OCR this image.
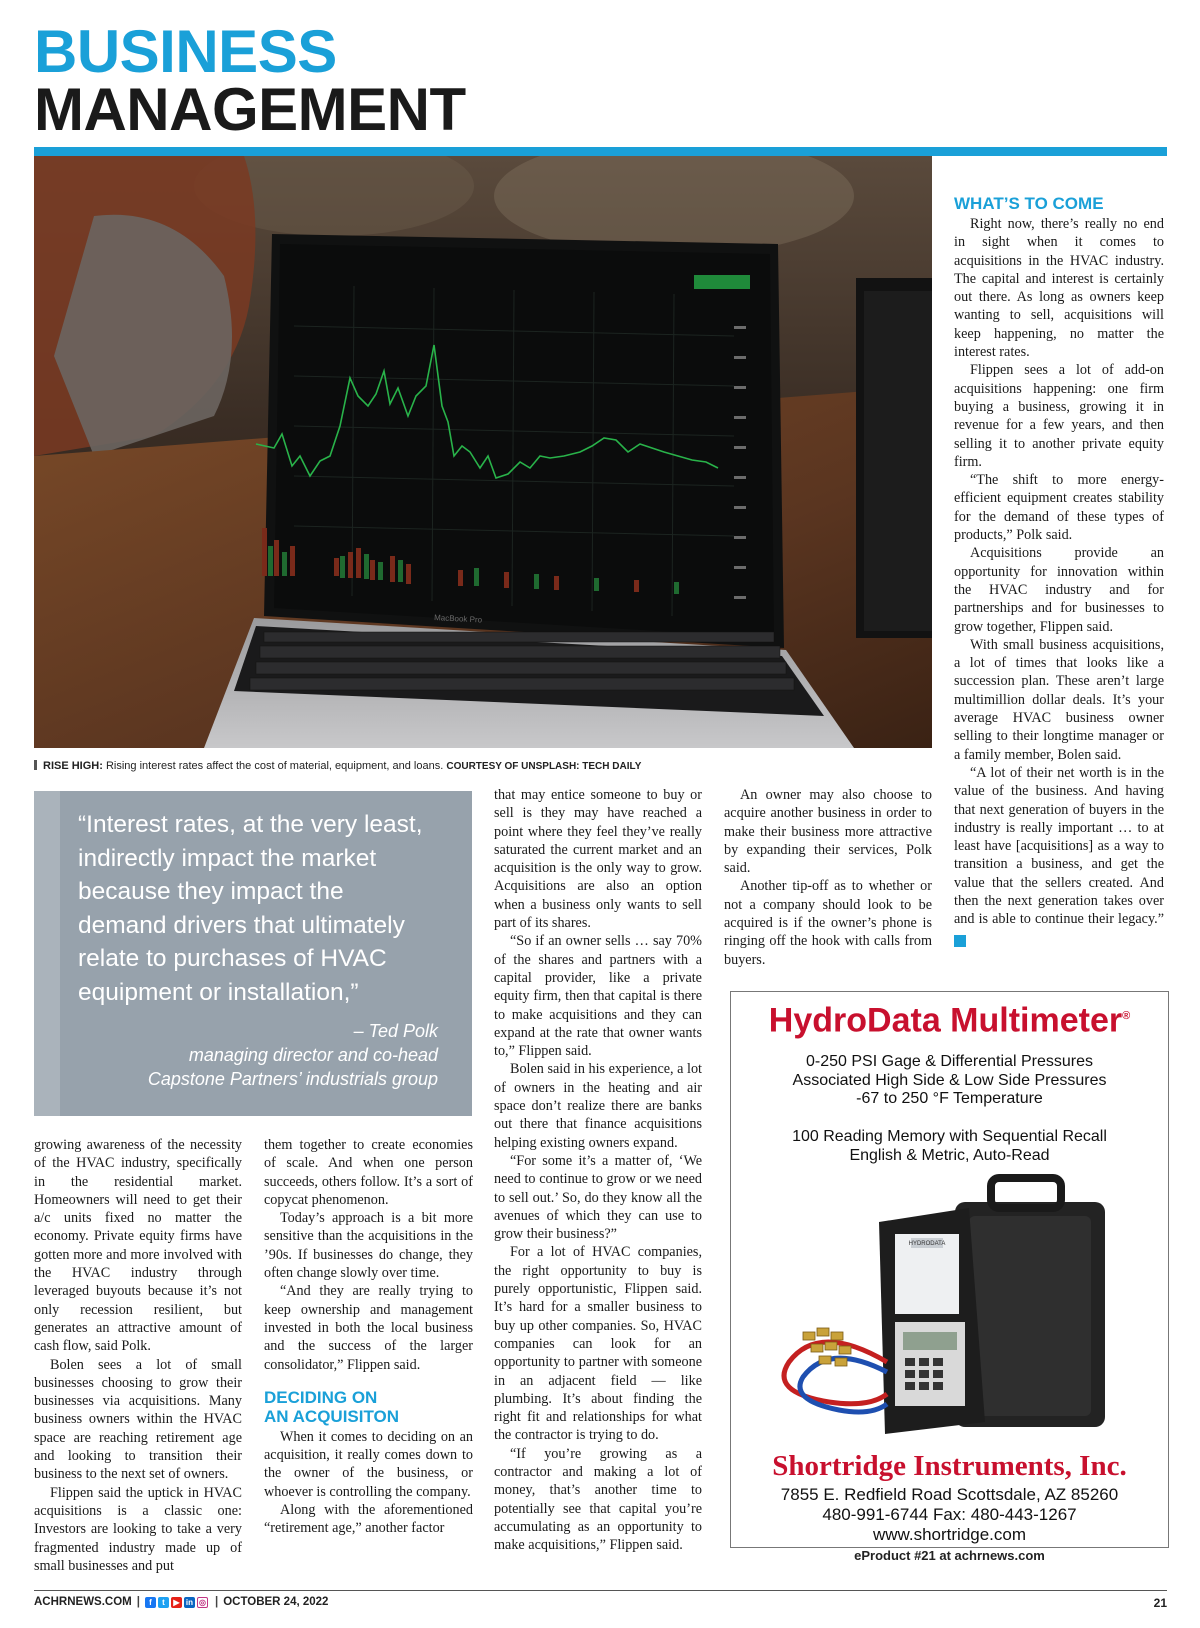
BUSINESS
MANAGEMENT
MacBook Pro
RISE HIGH: Rising interest rates affect the cost of material, equipment, and loans. COURTESY OF UNSPLASH: TECH DAILY
“Interest rates, at the very least,
indirectly impact the market
because they impact the
demand drivers that ultimately
relate to purchases of HVAC
equipment or installation,”
– Ted Polk
managing director and co-head
Capstone Partners’ industrials group

growing awareness of the necessity of the HVAC industry, specifically in the residential market. Homeowners will need to get their a/c units fixed no matter the economy. Private equity firms have gotten more and more involved with the HVAC industry through leveraged buyouts because it’s not only recession resilient, but generates an attractive amount of cash flow, said Polk.

Bolen sees a lot of small businesses choosing to grow their businesses via acquisitions. Many business owners within the HVAC space are reaching retirement age and looking to transition their business to the next set of owners.

Flippen said the uptick in HVAC acquisitions is a classic one: Investors are looking to take a very fragmented industry made up of small businesses and put

them together to create economies of scale. And when one person succeeds, others follow. It’s a sort of copycat phenomenon.

Today’s approach is a bit more sensitive than the acquisitions in the ’90s. If businesses do change, they often change slowly over time.

“And they are really trying to keep ownership and management invested in both the local business and the success of the larger consolidator,” Flippen said.

DECIDING ON
AN ACQUISITON

When it comes to deciding on an acquisition, it really comes down to the owner of the business, or whoever is controlling the company.

Along with the aforementioned “retirement age,” another factor

that may entice someone to buy or sell is they may have reached a point where they feel they’ve really saturated the current market and an acquisition is the only way to grow. Acquisitions are also an option when a business only wants to sell part of its shares.

“So if an owner sells … say 70% of the shares and partners with a capital provider, like a private equity firm, then that capital is there to make acquisitions and they can expand at the rate that owner wants to,” Flippen said.

Bolen said in his experience, a lot of owners in the heating and air space don’t realize there are banks out there that finance acquisitions helping existing owners expand.

“For some it’s a matter of, ‘We need to continue to grow or we need to sell out.’ So, do they know all the avenues of which they can use to grow their business?”

For a lot of HVAC companies, the right opportunity to buy is purely opportunistic, Flippen said. It’s hard for a smaller business to buy up other companies. So, HVAC companies can look for an opportunity to partner with someone in an adjacent field — like plumbing. It’s about finding the right fit and relationships for what the contractor is trying to do.

“If you’re growing as a contractor and making a lot of money, that’s another time to potentially see that capital you’re accumulating as an opportunity to make acquisitions,” Flippen said.

An owner may also choose to acquire another business in order to make their business more attractive by expanding their services, Polk said.

Another tip-off as to whether or not a company should look to be acquired is if the owner’s phone is ringing off the hook with calls from buyers.

WHAT’S TO COME

Right now, there’s really no end in sight when it comes to acquisitions in the HVAC industry. The capital and interest is certainly out there. As long as owners keep wanting to sell, acquisitions will keep happening, no matter the interest rates.

Flippen sees a lot of add-on acquisitions happening: one firm buying a business, growing it in revenue for a few years, and then selling it to another private equity firm.

“The shift to more energy-efficient equipment creates stability for the demand of these types of products,” Polk said.

Acquisitions provide an opportunity for innovation within the HVAC industry and for partnerships and for businesses to grow together, Flippen said.

With small business acquisitions, a lot of times that looks like a succession plan. These aren’t large multimillion dollar deals. It’s your average HVAC business owner selling to their longtime manager or a family member, Bolen said.

“A lot of their net worth is in the value of the business. And having that next generation of buyers in the industry is really important … to at least have [acquisitions] as a way to transition a business, and get the value that the sellers created. And then the next generation takes over and is able to continue their legacy.” N

HydroData Multimeter®
0-250 PSI Gage & Differential Pressures
Associated High Side & Low Side Pressures
-67 to 250 °F Temperature
100 Reading Memory with Sequential Recall
English & Metric, Auto-Read
HYDRODATA
Shortridge Instruments, Inc.
7855 E. Redfield Road Scottsdale, AZ 85260
480-991-6744 Fax: 480-443-1267
www.shortridge.com
eProduct #21 at achrnews.com
ACHRNEWS.COM |	f	t	▶ in ◎ | OCTOBER 24, 2022	21
